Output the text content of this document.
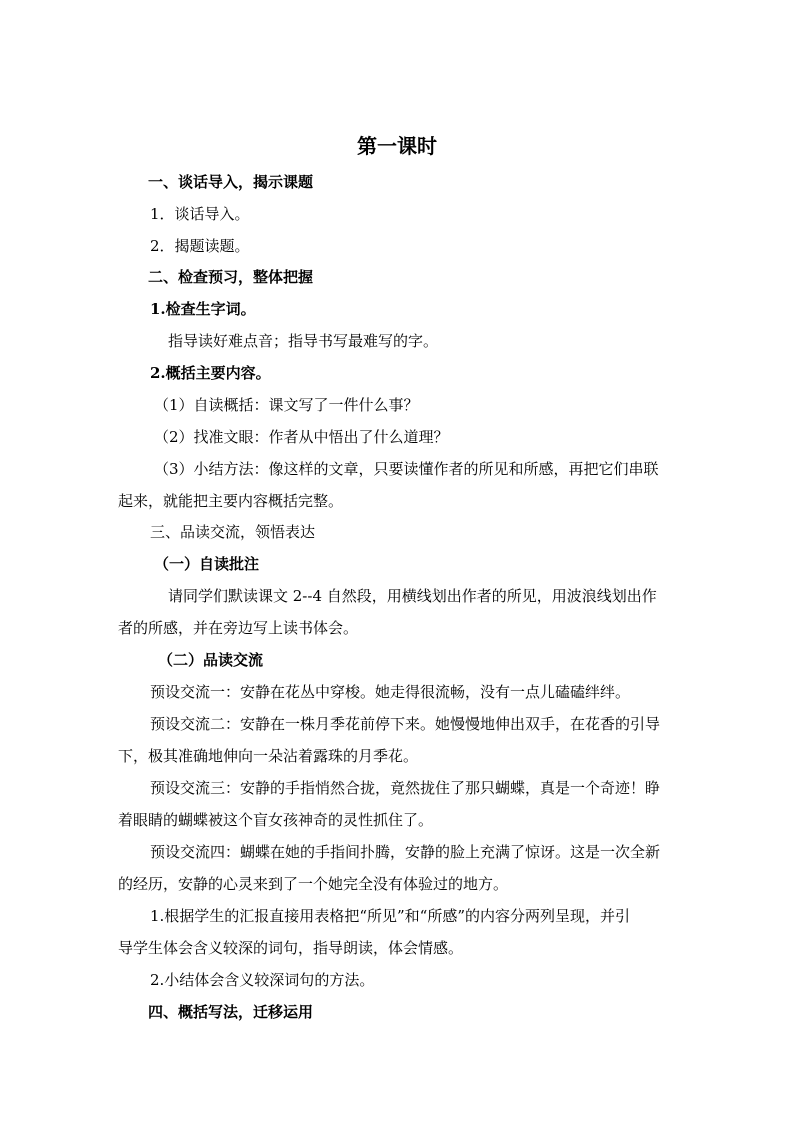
第一课时
一、谈话导入，揭示课题
1．谈话导入。
2．揭题读题。
二、检查预习，整体把握
1.检查生字词。
指导读好难点音；指导书写最难写的字。
2.概括主要内容。
（1）自读概括：课文写了一件什么事？
（2）找准文眼：作者从中悟出了什么道理？
（3）小结方法：像这样的文章，只要读懂作者的所见和所感，再把它们串联
起来，就能把主要内容概括完整。
三、品读交流，领悟表达
（一）自读批注
请同学们默读课文 2--4 自然段，用横线划出作者的所见，用波浪线划出作
者的所感，并在旁边写上读书体会。
（二）品读交流
预设交流一：安静在花丛中穿梭。她走得很流畅，没有一点儿磕磕绊绊。
预设交流二：安静在一株月季花前停下来。她慢慢地伸出双手，在花香的引导
下，极其准确地伸向一朵沾着露珠的月季花。
预设交流三：安静的手指悄然合拢，竟然拢住了那只蝴蝶，真是一个奇迹！睁
着眼睛的蝴蝶被这个盲女孩神奇的灵性抓住了。
预设交流四：蝴蝶在她的手指间扑腾，安静的脸上充满了惊讶。这是一次全新
的经历，安静的心灵来到了一个她完全没有体验过的地方。
1.根据学生的汇报直接用表格把“所见”和“所感”的内容分两列呈现，并引
导学生体会含义较深的词句，指导朗读，体会情感。
2.小结体会含义较深词句的方法。
四、概括写法，迁移运用
